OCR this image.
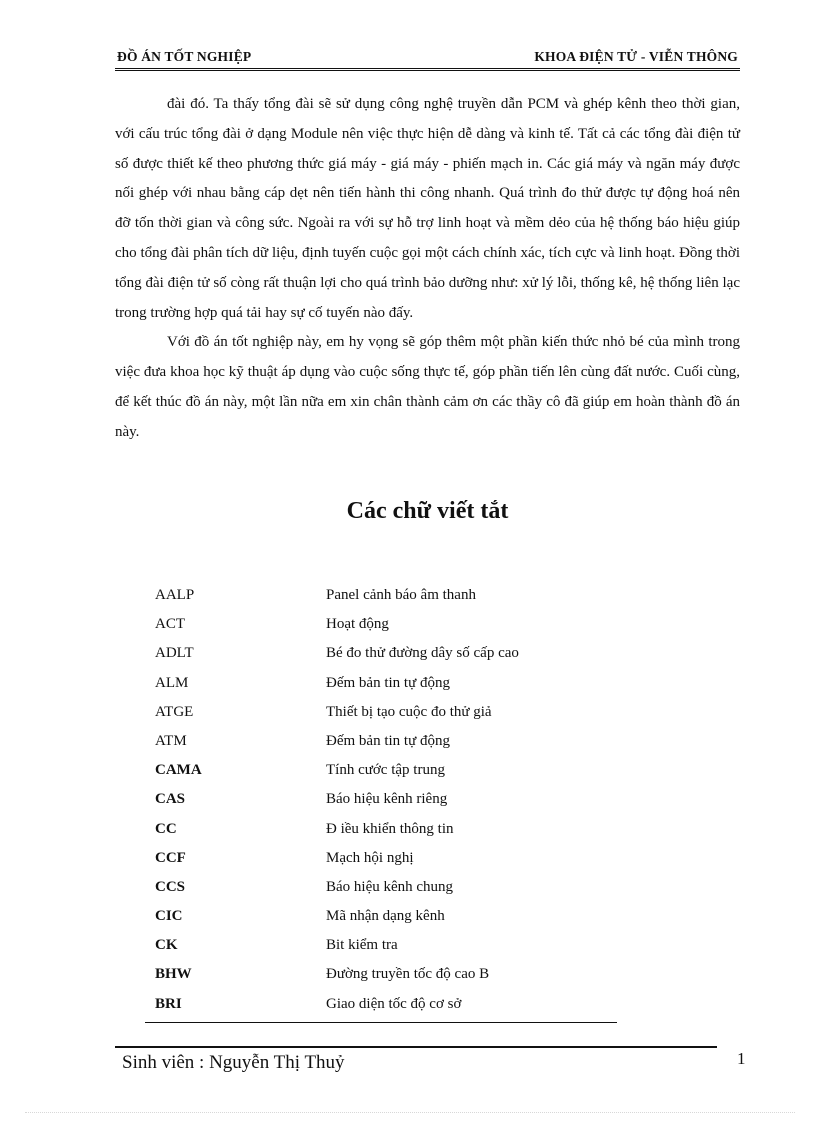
ĐỒ ÁN TỐT NGHIỆP	KHOA ĐIỆN TỬ - VIỄN THÔNG

đài đó. Ta thấy tổng đài sẽ sử dụng công nghệ truyền dẫn PCM và ghép kênh theo thời gian, với cấu trúc tổng đài ở dạng Module nên việc thực hiện dễ dàng và kinh tế. Tất cả các tổng đài điện tử số được thiết kế theo phương thức giá máy - giá máy - phiến mạch in. Các giá máy và ngăn máy được nối ghép với nhau bằng cáp dẹt nên tiến hành thi công nhanh. Quá trình đo thử được tự động hoá nên đỡ tốn thời gian và công sức. Ngoài ra với sự hỗ trợ linh hoạt và mềm dẻo của hệ thống báo hiệu giúp cho tổng đài phân tích dữ liệu, định tuyến cuộc gọi một cách chính xác, tích cực và linh hoạt. Đồng thời tổng đài điện tử số còng rất thuận lợi cho quá trình bảo dưỡng như: xử lý lỗi, thống kê, hệ thống liên lạc trong trường hợp quá tải hay sự cố tuyến nào đấy.

Với đồ án tốt nghiệp này, em hy vọng sẽ góp thêm một phần kiến thức nhỏ bé của mình trong việc đưa khoa học kỹ thuật áp dụng vào cuộc sống thực tế, góp phần tiến lên cùng đất nước. Cuối cùng, để kết thúc đồ án này, một lần nữa em xin chân thành cảm ơn các thầy cô đã giúp em hoàn thành đồ án này.

Các chữ viết tắt
AALP	Panel cảnh báo âm thanh
ACT	Hoạt động
ADLT	Bé đo thử đường dây số cấp cao
ALM	Đếm bản tin tự động
ATGE	Thiết bị tạo cuộc đo thử giả
ATM	Đếm bản tin tự động
CAMA	Tính cước tập trung
CAS	Báo hiệu kênh riêng
CC	Đ iều khiển thông tin
CCF	Mạch hội nghị
CCS	Báo hiệu kênh chung
CIC	Mã nhận dạng kênh
CK	Bit kiểm tra
BHW	Đường truyền tốc độ cao B
BRI	Giao diện tốc độ cơ sở
Sinh viên : Nguyễn Thị Thuỷ	1
